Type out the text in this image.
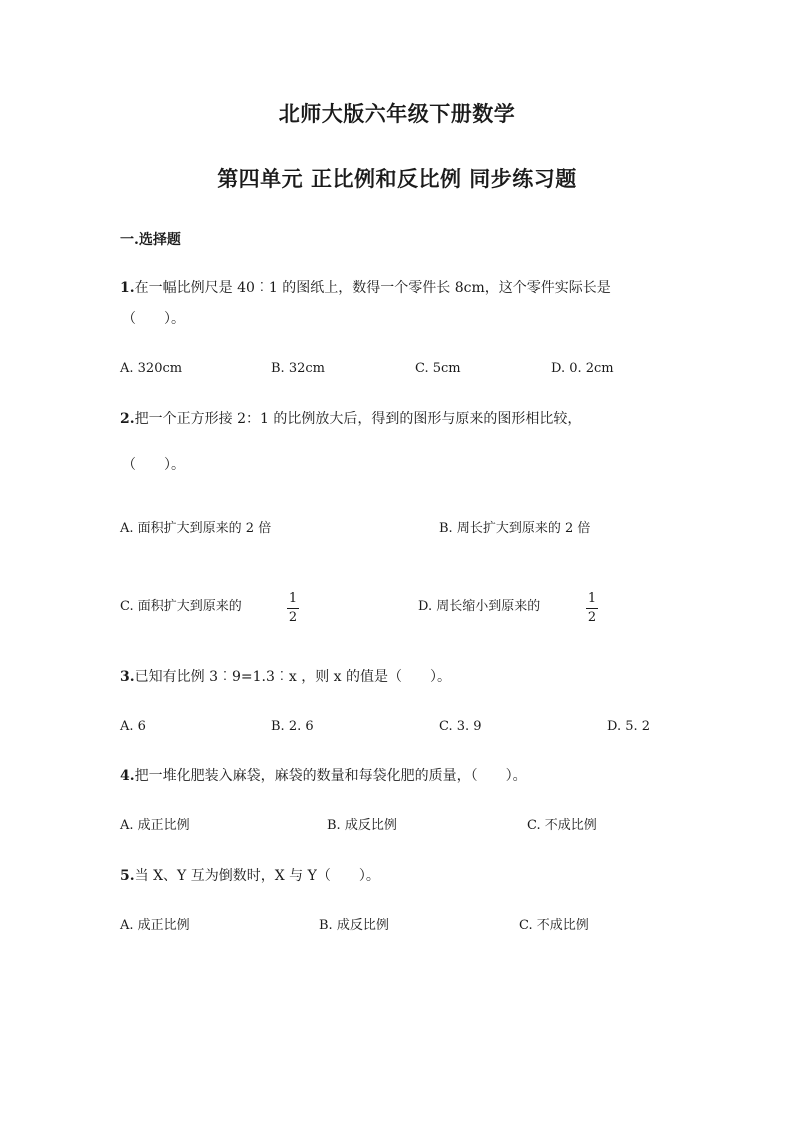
北师大版六年级下册数学
第四单元 正比例和反比例 同步练习题
一.选择题
1.在一幅比例尺是 40︰1 的图纸上，数得一个零件长 8cm，这个零件实际长是
（　　）。
A. 320cm	B. 32cm	C. 5cm	D. 0. 2cm
2.把一个正方形接 2：1 的比例放大后，得到的图形与原来的图形相比较，
（　　）。
A. 面积扩大到原来的 2 倍	B. 周长扩大到原来的 2 倍
C. 面积扩大到原来的
1
2
D. 周长缩小到原来的
1
2
3.已知有比例 3︰9=1.3︰x ，则 x 的值是（　　）。
A. 6	B. 2. 6	C. 3. 9	D. 5. 2
4.把一堆化肥装入麻袋，麻袋的数量和每袋化肥的质量，（　　）。
A. 成正比例	B. 成反比例	C. 不成比例
5.当 X、Y 互为倒数时，X 与 Y（　　）。
A. 成正比例	B. 成反比例	C. 不成比例
